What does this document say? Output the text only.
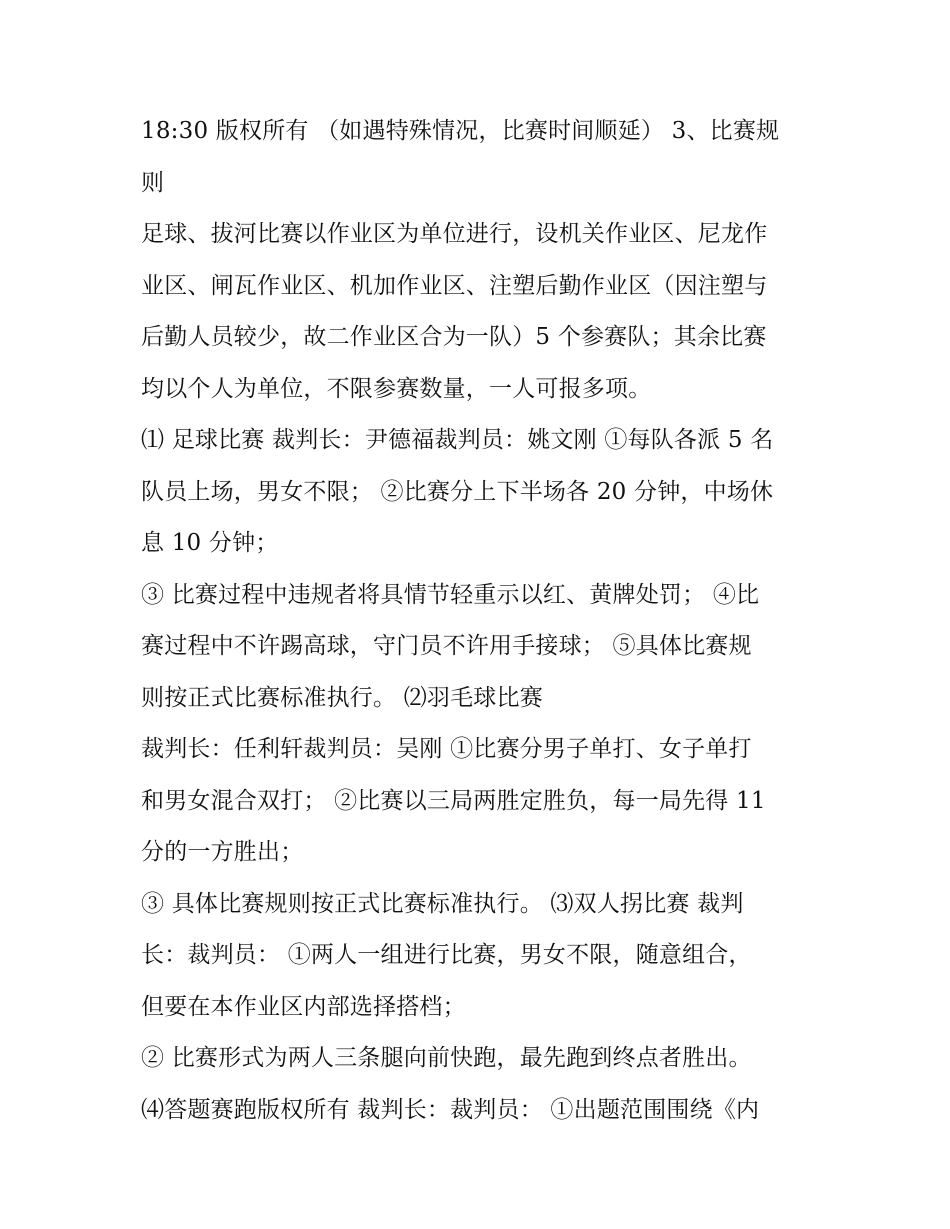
18:30 版权所有 （如遇特殊情况，比赛时间顺延） 3、比赛规
则
足球、拔河比赛以作业区为单位进行，设机关作业区、尼龙作
业区、闸瓦作业区、机加作业区、注塑后勤作业区（因注塑与
后勤人员较少，故二作业区合为一队）5 个参赛队；其余比赛
均以个人为单位，不限参赛数量，一人可报多项。
⑴ 足球比赛 裁判长：尹德福裁判员：姚文刚 ①每队各派 5 名
队员上场，男女不限； ②比赛分上下半场各 20 分钟，中场休
息 10 分钟；
③ 比赛过程中违规者将具情节轻重示以红、黄牌处罚； ④比
赛过程中不许踢高球，守门员不许用手接球； ⑤具体比赛规
则按正式比赛标准执行。 ⑵羽毛球比赛
裁判长：任利轩裁判员：吴刚 ①比赛分男子单打、女子单打
和男女混合双打； ②比赛以三局两胜定胜负，每一局先得 11
分的一方胜出；
③ 具体比赛规则按正式比赛标准执行。 ⑶双人拐比赛 裁判
长：裁判员： ①两人一组进行比赛，男女不限，随意组合，
但要在本作业区内部选择搭档；
② 比赛形式为两人三条腿向前快跑，最先跑到终点者胜出。
⑷答题赛跑版权所有 裁判长：裁判员： ①出题范围围绕《内
